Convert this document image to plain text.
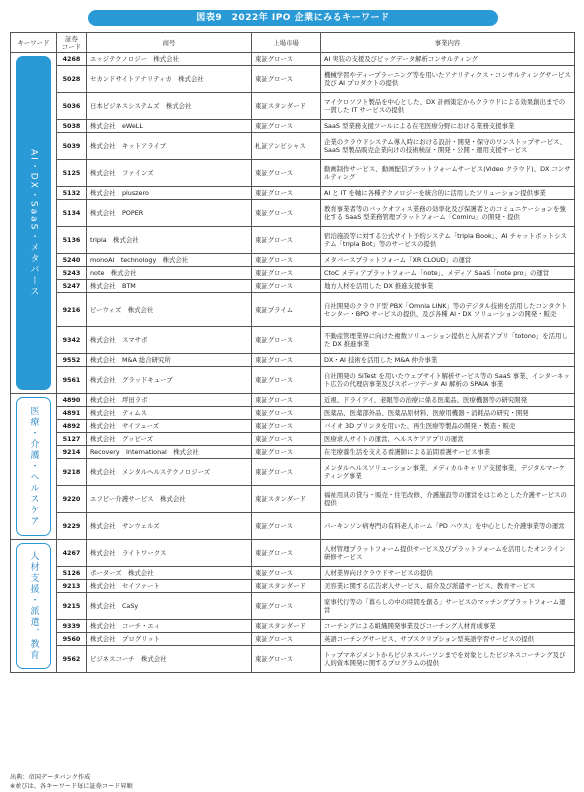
図表9　2022年 IPO 企業にみるキーワード
キーワード	証券
コード	商号	上場市場	事業内容

AI・DX・SaaS・メタバース	4268	エッジテクノロジー　株式会社	東証グロース	AI 実装の支援及びビッグデータ解析コンサルティング
	5028	セカンドサイトアナリティカ　株式会社	東証グロース	機械学習やディープラーニング等を用いたアナリティクス・コンサルティングサービス及び AI プロダクトの提供
	5036	日本ビジネスシステムズ　株式会社	東証スタンダード	マイクロソフト製品を中心とした、DX 計画策定からクラウドによる効果創出までの一貫した IT サービスの提供
	5038	株式会社　eWeLL	東証グロース	SaaS 型業務支援ツールによる在宅医療分野における業務支援事業
	5039	株式会社　キットアライブ	札証アンビシャス	企業のクラウドシステム導入時における設計・開発・保守のワンストップサービス、SaaS 型製品販売企業向けの技術検証・開発・公開・運用支援サービス
	5125	株式会社　ファインズ	東証グロース	動画制作サービス、動画配信プラットフォームサービス(Video クラウド)、DX コンサルティング
	5132	株式会社　pluszero	東証グロース	AI と IT を軸に各種テクノロジーを統合的に活用したソリューション提供事業
	5134	株式会社　POPER	東証グロース	教育事業者等のバックオフィス業務の効率化及び保護者とのコミュニケーションを強化する SaaS 型業務管理プラットフォーム「Comiru」の開発・提供
	5136	tripla　株式会社	東証グロース	宿泊施設等に対する公式サイト予約システム「tripla Book」、AI チャットボットシステム「tripla Bot」等のサービスの提供
	5240	monoAI　technology　株式会社	東証グロース	メタバースプラットフォーム「XR CLOUD」の運営
	5243	note　株式会社	東証グロース	CtoC メディアプラットフォーム「note」、メディア SaaS「note pro」の運営
	5247	株式会社　BTM	東証グロース	地方人材を活用した DX 推進支援事業
	9216	ビーウィズ　株式会社	東証プライム	自社開発のクラウド型 PBX「Omnia LINK」等のデジタル技術を活用したコンタクトセンター・BPO サービスの提供、及び各種 AI・DX ソリューションの開発・販売
	9342	株式会社　スマサポ	東証グロース	不動産管理業界に向けた複数ソリューション提供と入居者アプリ「totono」を活用した DX 推進事業
	9552	株式会社　M&A 総合研究所	東証グロース	DX・AI 技術を活用した M&A 仲介事業
	9561	株式会社　グラッドキューブ	東証グロース	自社開発の SiTest を用いたウェブサイト解析サービス等の SaaS 事業、インターネット広告の代理店事業及びスポーツデータ AI 解析の SPAIA 事業

医療・介護・ヘルスケア	4890	株式会社　坪田ラボ	東証グロース	近視、ドライアイ、老眼等の治療に係る医薬品、医療機器等の研究開発
	4891	株式会社　ティムス	東証グロース	医薬品、医薬部外品、医薬品原材料、医療用機器・消耗品の研究・開発
	4892	株式会社　サイフューズ	東証グロース	バイオ 3D プリンタを用いた、再生医療等製品の開発・製造・販売
	5127	株式会社　グッピーズ	東証グロース	医療求人サイトの運営、ヘルスケアアプリの運営
	9214	Recovery　International　株式会社	東証グロース	在宅療養生活を支える看護師による訪問看護サービス事業
	9218	株式会社　メンタルヘルステクノロジーズ	東証グロース	メンタルヘルスソリューション事業、メディカルキャリア支援事業、デジタルマーケティング事業
	9220	エフビー介護サービス　株式会社	東証スタンダード	福祉用具の貸与・販売・住宅改修、介護施設等の運営をはじめとした介護サービスの提供
	9229	株式会社　サンウェルズ	東証グロース	パーキンソン病専門の有料老人ホーム「PD ハウス」を中心とした介護事業等の運営

人材支援・派遣、教育	4267	株式会社　ライトワークス	東証グロース	人材管理プラットフォーム提供サービス及びプラットフォームを活用したオンライン研修サービス
	5126	ポーターズ　株式会社	東証グロース	人材業界向けクラウドサービスの提供
	9213	株式会社　セイファート	東証スタンダード	美容業に関する広告求人サービス、紹介及び派遣サービス、教育サービス
	9215	株式会社　CaSy	東証グロース	家事代行等の「暮らしの中の時間を創る」サービスのマッチングプラットフォーム運営
	9339	株式会社　コーチ・エィ	東証スタンダード	コーチングによる組織開発事業及びコーチング人材育成事業
	9560	株式会社　プログリット	東証グロース	英語コーチングサービス、サブスクリプション型英語学習サービスの提供
	9562	ビジネスコーチ　株式会社	東証グロース	トップマネジメントからビジネスパーソンまでを対象としたビジネスコーチング及び人的資本開発に関するプログラムの提供
出典：帝国データバンク作成
※並びは、各キーワード毎に証券コード昇順
